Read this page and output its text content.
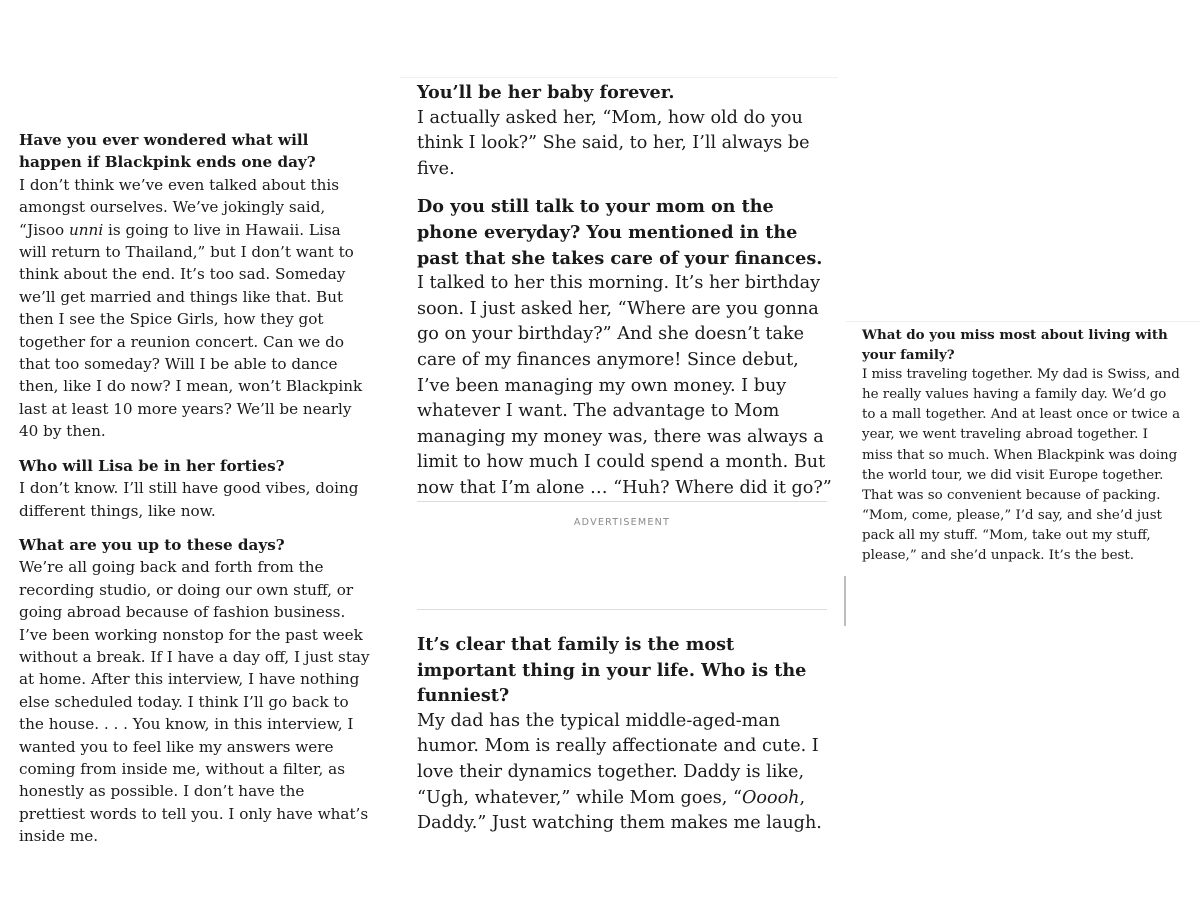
Have you ever wondered what will happen if Blackpink ends one day?

I don’t think we’ve even talked about this amongst ourselves. We’ve jokingly said, “Jisoo unni is going to live in Hawaii. Lisa will return to Thailand,” but I don’t want to think about the end. It’s too sad. Someday we’ll get married and things like that. But then I see the Spice Girls, how they got together for a reunion concert. Can we do that too someday? Will I be able to dance then, like I do now? I mean, won’t Blackpink last at least 10 more years? We’ll be nearly 40 by then.

Who will Lisa be in her forties?

I don’t know. I’ll still have good vibes, doing different things, like now.

What are you up to these days?

We’re all going back and forth from the recording studio, or doing our own stuff, or going abroad because of fashion business. I’ve been working nonstop for the past week without a break. If I have a day off, I just stay at home. After this interview, I have nothing else scheduled today. I think I’ll go back to the house. . . . You know, in this interview, I wanted you to feel like my answers were coming from inside me, without a filter, as honestly as possible. I don’t have the prettiest words to tell you. I only have what’s inside me.

You’ll be her baby forever.

I actually asked her, “Mom, how old do you think I look?” She said, to her, I’ll always be five.

Do you still talk to your mom on the phone everyday? You mentioned in the past that she takes care of your finances.

I talked to her this morning. It’s her birthday soon. I just asked her, “Where are you gonna go on your birthday?” And she doesn’t take care of my finances anymore! Since debut, I’ve been managing my own money. I buy whatever I want. The advantage to Mom managing my money was, there was always a limit to how much I could spend a month. But now that I’m alone … “Huh? Where did it go?”

ADVERTISEMENT

It’s clear that family is the most important thing in your life. Who is the funniest?

My dad has the typical middle-aged-man humor. Mom is really affectionate and cute. I love their dynamics together. Daddy is like, “Ugh, whatever,” while Mom goes, “Ooooh, Daddy.” Just watching them makes me laugh.

What do you miss most about living with your family?

I miss traveling together. My dad is Swiss, and he really values having a family day. We’d go to a mall together. And at least once or twice a year, we went traveling abroad together. I miss that so much. When Blackpink was doing the world tour, we did visit Europe together. That was so convenient because of packing. “Mom, come, please,” I’d say, and she’d just pack all my stuff. “Mom, take out my stuff, please,” and she’d unpack. It’s the best.
